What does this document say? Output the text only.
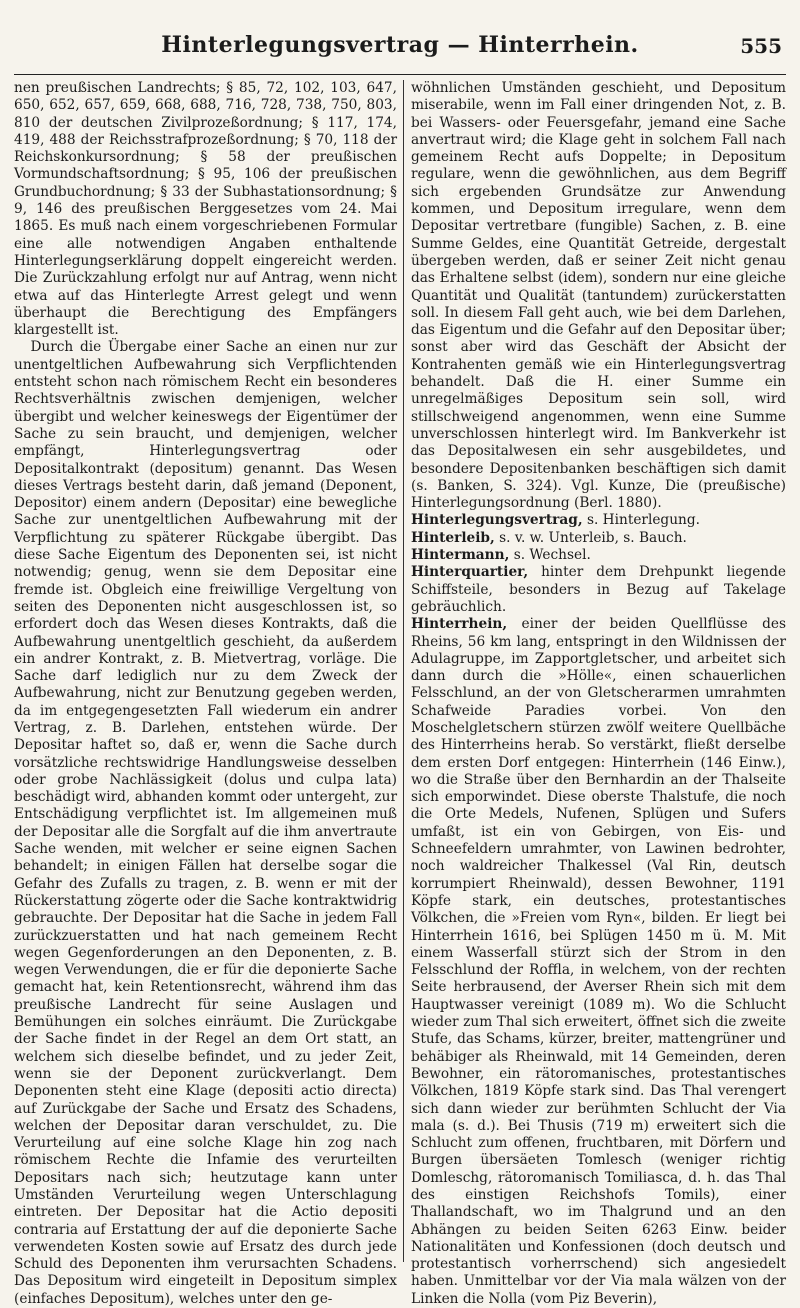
Hinterlegungsvertrag — Hinterrhein.	555

nen preußischen Landrechts; § 85, 72, 102, 103, 647, 650, 652, 657, 659, 668, 688, 716, 728, 738, 750, 803, 810 der deutschen Zivilprozeßordnung; § 117, 174, 419, 488 der Reichsstrafprozeßordnung; § 70, 118 der Reichskonkursordnung; § 58 der preußischen Vormundschaftsordnung; § 95, 106 der preußischen Grundbuchordnung; § 33 der Subhastationsordnung; § 9, 146 des preußischen Berggesetzes vom 24. Mai 1865. Es muß nach einem vorgeschriebenen Formular eine alle notwendigen Angaben enthaltende Hinterlegungserklärung doppelt eingereicht werden. Die Zurückzahlung erfolgt nur auf Antrag, wenn nicht etwa auf das Hinterlegte Arrest gelegt und wenn überhaupt die Berechtigung des Empfängers klargestellt ist.

Durch die Übergabe einer Sache an einen nur zur unentgeltlichen Aufbewahrung sich Verpflichtenden entsteht schon nach römischem Recht ein besonderes Rechtsverhältnis zwischen demjenigen, welcher übergibt und welcher keineswegs der Eigentümer der Sache zu sein braucht, und demjenigen, welcher empfängt, Hinterlegungsvertrag oder Depositalkontrakt (depositum) genannt. Das Wesen dieses Vertrags besteht darin, daß jemand (Deponent, Depositor) einem andern (Depositar) eine bewegliche Sache zur unentgeltlichen Aufbewahrung mit der Verpflichtung zu späterer Rückgabe übergibt. Das diese Sache Eigentum des Deponenten sei, ist nicht notwendig; genug, wenn sie dem Depositar eine fremde ist. Obgleich eine freiwillige Vergeltung von seiten des Deponenten nicht ausgeschlossen ist, so erfordert doch das Wesen dieses Kontrakts, daß die Aufbewahrung unentgeltlich geschieht, da außerdem ein andrer Kontrakt, z. B. Mietvertrag, vorläge. Die Sache darf lediglich nur zu dem Zweck der Aufbewahrung, nicht zur Benutzung gegeben werden, da im entgegengesetzten Fall wiederum ein andrer Vertrag, z. B. Darlehen, entstehen würde. Der Depositar haftet so, daß er, wenn die Sache durch vorsätzliche rechtswidrige Handlungsweise desselben oder grobe Nachlässigkeit (dolus und culpa lata) beschädigt wird, abhanden kommt oder untergeht, zur Entschädigung verpflichtet ist. Im allgemeinen muß der Depositar alle die Sorgfalt auf die ihm anvertraute Sache wenden, mit welcher er seine eignen Sachen behandelt; in einigen Fällen hat derselbe sogar die Gefahr des Zufalls zu tragen, z. B. wenn er mit der Rückerstattung zögerte oder die Sache kontraktwidrig gebrauchte. Der Depositar hat die Sache in jedem Fall zurückzuerstatten und hat nach gemeinem Recht wegen Gegenforderungen an den Deponenten, z. B. wegen Verwendungen, die er für die deponierte Sache gemacht hat, kein Retentionsrecht, während ihm das preußische Landrecht für seine Auslagen und Bemühungen ein solches einräumt. Die Zurückgabe der Sache findet in der Regel an dem Ort statt, an welchem sich dieselbe befindet, und zu jeder Zeit, wenn sie der Deponent zurückverlangt. Dem Deponenten steht eine Klage (depositi actio directa) auf Zurückgabe der Sache und Ersatz des Schadens, welchen der Depositar daran verschuldet, zu. Die Verurteilung auf eine solche Klage hin zog nach römischem Rechte die Infamie des verurteilten Depositars nach sich; heutzutage kann unter Umständen Verurteilung wegen Unterschlagung eintreten. Der Depositar hat die Actio depositi contraria auf Erstattung der auf die deponierte Sache verwendeten Kosten sowie auf Ersatz des durch jede Schuld des Deponenten ihm verursachten Schadens. Das Depositum wird eingeteilt in Depositum simplex (einfaches Depositum), welches unter den ge-

wöhnlichen Umständen geschieht, und Depositum miserabile, wenn im Fall einer dringenden Not, z. B. bei Wassers- oder Feuersgefahr, jemand eine Sache anvertraut wird; die Klage geht in solchem Fall nach gemeinem Recht aufs Doppelte; in Depositum regulare, wenn die gewöhnlichen, aus dem Begriff sich ergebenden Grundsätze zur Anwendung kommen, und Depositum irregulare, wenn dem Depositar vertretbare (fungible) Sachen, z. B. eine Summe Geldes, eine Quantität Getreide, dergestalt übergeben werden, daß er seiner Zeit nicht genau das Erhaltene selbst (idem), sondern nur eine gleiche Quantität und Qualität (tantundem) zurückerstatten soll. In diesem Fall geht auch, wie bei dem Darlehen, das Eigentum und die Gefahr auf den Depositar über; sonst aber wird das Geschäft der Absicht der Kontrahenten gemäß wie ein Hinterlegungsvertrag behandelt. Daß die H. einer Summe ein unregelmäßiges Depositum sein soll, wird stillschweigend angenommen, wenn eine Summe unverschlossen hinterlegt wird. Im Bankverkehr ist das Depositalwesen ein sehr ausgebildetes, und besondere Depositenbanken beschäftigen sich damit (s. Banken, S. 324). Vgl. Kunze, Die (preußische) Hinterlegungsordnung (Berl. 1880).

Hinterlegungsvertrag, s. Hinterlegung.

Hinterleib, s. v. w. Unterleib, s. Bauch.

Hintermann, s. Wechsel.

Hinterquartier, hinter dem Drehpunkt liegende Schiffsteile, besonders in Bezug auf Takelage gebräuchlich.

Hinterrhein, einer der beiden Quellflüsse des Rheins, 56 km lang, entspringt in den Wildnissen der Adulagruppe, im Zapportgletscher, und arbeitet sich dann durch die »Hölle«, einen schauerlichen Felsschlund, an der von Gletscherarmen umrahmten Schafweide Paradies vorbei. Von den Moschelgletschern stürzen zwölf weitere Quellbäche des Hinterrheins herab. So verstärkt, fließt derselbe dem ersten Dorf entgegen: Hinterrhein (146 Einw.), wo die Straße über den Bernhardin an der Thalseite sich emporwindet. Diese oberste Thalstufe, die noch die Orte Medels, Nufenen, Splügen und Sufers umfaßt, ist ein von Gebirgen, von Eis- und Schneefeldern umrahmter, von Lawinen bedrohter, noch waldreicher Thalkessel (Val Rin, deutsch korrumpiert Rheinwald), dessen Bewohner, 1191 Köpfe stark, ein deutsches, protestantisches Völkchen, die »Freien vom Ryn«, bilden. Er liegt bei Hinterrhein 1616, bei Splügen 1450 m ü. M. Mit einem Wasserfall stürzt sich der Strom in den Felsschlund der Roffla, in welchem, von der rechten Seite herbrausend, der Averser Rhein sich mit dem Hauptwasser vereinigt (1089 m). Wo die Schlucht wieder zum Thal sich erweitert, öffnet sich die zweite Stufe, das Schams, kürzer, breiter, mattengrüner und behäbiger als Rheinwald, mit 14 Gemeinden, deren Bewohner, ein rätoromanisches, protestantisches Völkchen, 1819 Köpfe stark sind. Das Thal verengert sich dann wieder zur berühmten Schlucht der Via mala (s. d.). Bei Thusis (719 m) erweitert sich die Schlucht zum offenen, fruchtbaren, mit Dörfern und Burgen übersäeten Tomlesch (weniger richtig Domleschg, rätoromanisch Tomiliasca, d. h. das Thal des einstigen Reichshofs Tomils), einer Thallandschaft, wo im Thalgrund und an den Abhängen zu beiden Seiten 6263 Einw. beider Nationalitäten und Konfessionen (doch deutsch und protestantisch vorherrschend) sich angesiedelt haben. Unmittelbar vor der Via mala wälzen von der Linken die Nolla (vom Piz Beverin),
